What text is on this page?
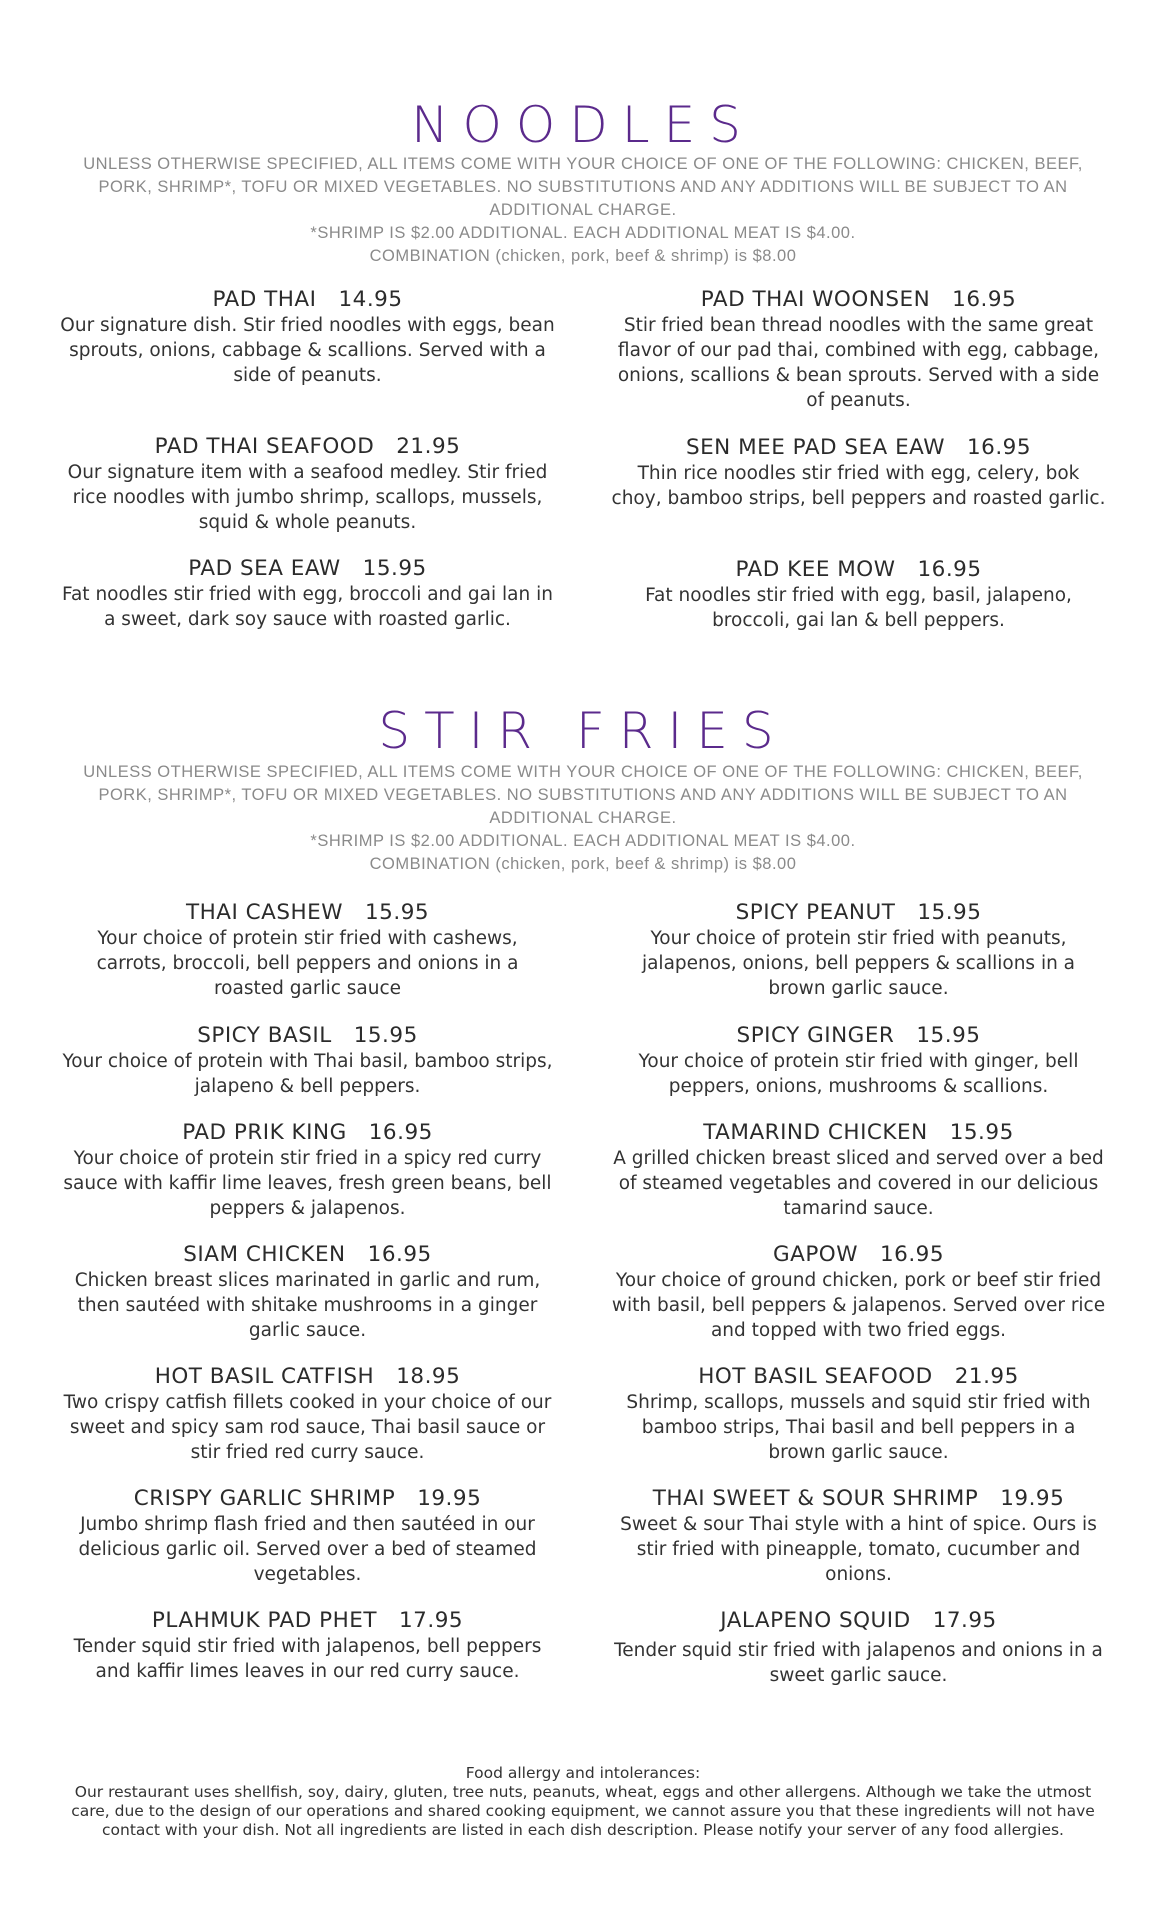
NOODLES
UNLESS OTHERWISE SPECIFIED, ALL ITEMS COME WITH YOUR CHOICE OF ONE OF THE FOLLOWING: CHICKEN, BEEF,
PORK, SHRIMP*, TOFU OR MIXED VEGETABLES. NO SUBSTITUTIONS AND ANY ADDITIONS WILL BE SUBJECT TO AN
ADDITIONAL CHARGE.
*SHRIMP IS $2.00 ADDITIONAL. EACH ADDITIONAL MEAT IS $4.00.
COMBINATION (chicken, pork, beef & shrimp) is $8.00
PAD THAI 14.95
Our signature dish. Stir fried noodles with eggs, bean sprouts, onions, cabbage & scallions. Served with a side of peanuts.
PAD THAI WOONSEN 16.95
Stir fried bean thread noodles with the same great flavor of our pad thai, combined with egg, cabbage, onions, scallions & bean sprouts. Served with a side of peanuts.
PAD THAI SEAFOOD 21.95
Our signature item with a seafood medley. Stir fried rice noodles with jumbo shrimp, scallops, mussels, squid & whole peanuts.
SEN MEE PAD SEA EAW 16.95
Thin rice noodles stir fried with egg, celery, bok choy, bamboo strips, bell peppers and roasted garlic.
PAD SEA EAW 15.95
Fat noodles stir fried with egg, broccoli and gai lan in a sweet, dark soy sauce with roasted garlic.
PAD KEE MOW 16.95
Fat noodles stir fried with egg, basil, jalapeno, broccoli, gai lan & bell peppers.
STIR FRIES
UNLESS OTHERWISE SPECIFIED, ALL ITEMS COME WITH YOUR CHOICE OF ONE OF THE FOLLOWING: CHICKEN, BEEF,
PORK, SHRIMP*, TOFU OR MIXED VEGETABLES. NO SUBSTITUTIONS AND ANY ADDITIONS WILL BE SUBJECT TO AN
ADDITIONAL CHARGE.
*SHRIMP IS $2.00 ADDITIONAL. EACH ADDITIONAL MEAT IS $4.00.
COMBINATION (chicken, pork, beef & shrimp) is $8.00
THAI CASHEW 15.95
Your choice of protein stir fried with cashews, carrots, broccoli, bell peppers and onions in a roasted garlic sauce
SPICY PEANUT 15.95
Your choice of protein stir fried with peanuts, jalapenos, onions, bell peppers & scallions in a brown garlic sauce.
SPICY BASIL 15.95
Your choice of protein with Thai basil, bamboo strips, jalapeno & bell peppers.
SPICY GINGER 15.95
Your choice of protein stir fried with ginger, bell peppers, onions, mushrooms & scallions.
PAD PRIK KING 16.95
Your choice of protein stir fried in a spicy red curry sauce with kaffir lime leaves, fresh green beans, bell peppers & jalapenos.
TAMARIND CHICKEN 15.95
A grilled chicken breast sliced and served over a bed of steamed vegetables and covered in our delicious tamarind sauce.
SIAM CHICKEN 16.95
Chicken breast slices marinated in garlic and rum, then sautéed with shitake mushrooms in a ginger garlic sauce.
GAPOW 16.95
Your choice of ground chicken, pork or beef stir fried with basil, bell peppers & jalapenos. Served over rice and topped with two fried eggs.
HOT BASIL CATFISH 18.95
Two crispy catfish fillets cooked in your choice of our sweet and spicy sam rod sauce, Thai basil sauce or stir fried red curry sauce.
HOT BASIL SEAFOOD 21.95
Shrimp, scallops, mussels and squid stir fried with bamboo strips, Thai basil and bell peppers in a brown garlic sauce.
CRISPY GARLIC SHRIMP 19.95
Jumbo shrimp flash fried and then sautéed in our delicious garlic oil. Served over a bed of steamed vegetables.
THAI SWEET & SOUR SHRIMP 19.95
Sweet & sour Thai style with a hint of spice. Ours is stir fried with pineapple, tomato, cucumber and onions.
PLAHMUK PAD PHET 17.95
Tender squid stir fried with jalapenos, bell peppers and kaffir limes leaves in our red curry sauce.
JALAPENO SQUID 17.95
Tender squid stir fried with jalapenos and onions in a sweet garlic sauce.
Food allergy and intolerances:
Our restaurant uses shellfish, soy, dairy, gluten, tree nuts, peanuts, wheat, eggs and other allergens. Although we take the utmost care, due to the design of our operations and shared cooking equipment, we cannot assure you that these ingredients will not have contact with your dish. Not all ingredients are listed in each dish description. Please notify your server of any food allergies.
